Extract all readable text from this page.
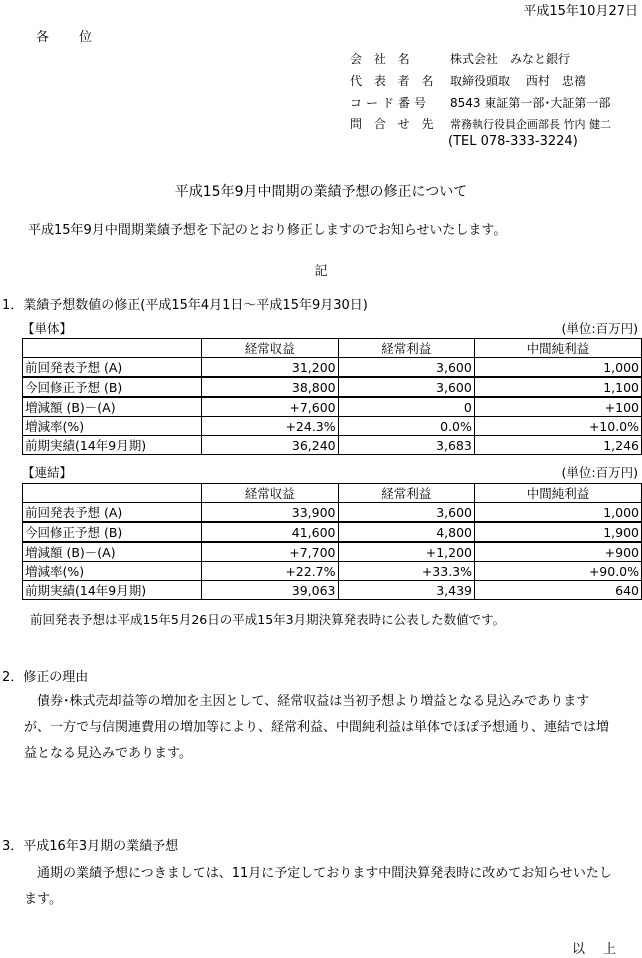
平成15年10月27日
各位
会 社 名	株式会社　みなと銀行
代 表 者 名 取締役頭取　 西村　忠禧
コード番号 8543 東証第一部･大証第一部
問 合 せ 先 常務執行役員企画部長 竹内 健二
(TEL 078-333-3224)
平成15年9月中間期の業績予想の修正について
平成15年9月中間期業績予想を下記のとおり修正しますのでお知らせいたします。
記
1．業績予想数値の修正(平成15年4月1日～平成15年9月30日)
【単体】	(単位:百万円)
	経常収益	経常利益	中間純利益
前回発表予想 (A)	31,200	3,600	1,000
今回修正予想 (B)	38,800	3,600	1,100
増減額 (B)－(A)	+7,600	0	+100
増減率(%)	+24.3%	0.0%	+10.0%
前期実績(14年9月期)	36,240	3,683	1,246
【連結】	(単位:百万円)
	経常収益	経常利益	中間純利益
前回発表予想 (A)	33,900	3,600	1,000
今回修正予想 (B)	41,600	4,800	1,900
増減額 (B)－(A)	+7,700	+1,200	+900
増減率(%)	+22.7%	+33.3%	+90.0%
前期実績(14年9月期)	39,063	3,439	640
前回発表予想は平成15年5月26日の平成15年3月期決算発表時に公表した数値です。
2．修正の理由
債券･株式売却益等の増加を主因として、経常収益は当初予想より増益となる見込みでありますが、一方で与信関連費用の増加等により、経常利益、中間純利益は単体でほぼ予想通り、連結では増益となる見込みであります。
3．平成16年3月期の業績予想
通期の業績予想につきましては、11月に予定しております中間決算発表時に改めてお知らせいたします。
以上
